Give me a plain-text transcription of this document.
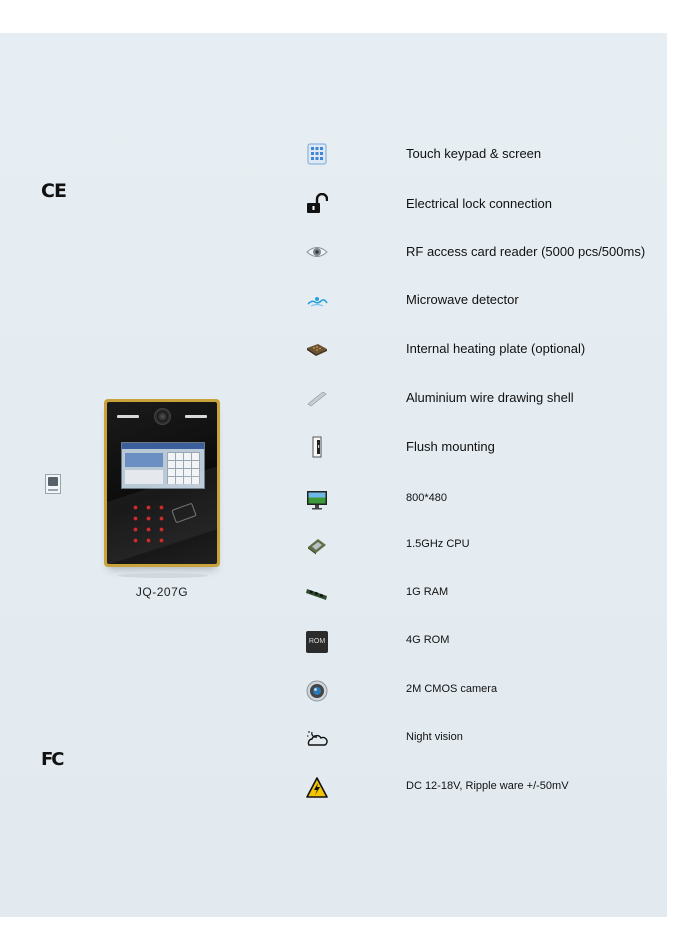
CE
FC
JQ-207G
Touch keypad & screen
Electrical lock connection
RF access card reader (5000 pcs/500ms)
Microwave detector
Internal heating plate (optional)
Aluminium wire drawing shell
Flush mounting
800*480
1.5GHz CPU
1G RAM
ROM	4G ROM
2M CMOS camera
Night vision
DC 12-18V, Ripple ware +/-50mV
